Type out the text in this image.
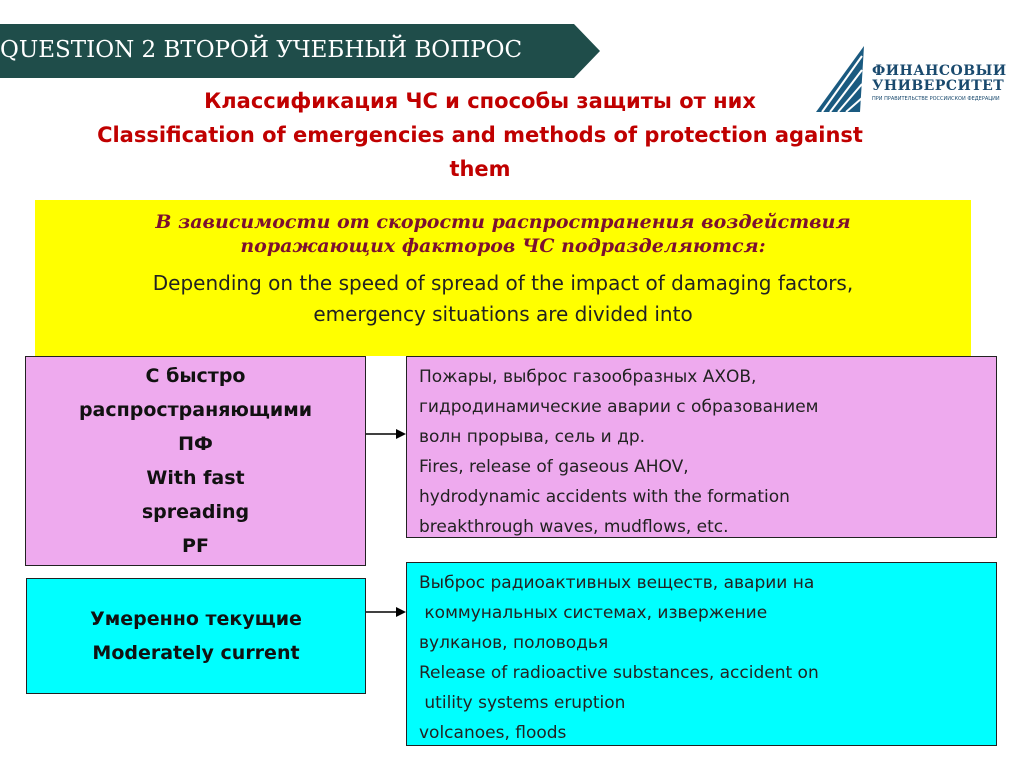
QUESTION 2 ВТОРОЙ УЧЕБНЫЙ ВОПРОС
ФИНАНСОВЫЙ
УНИВЕРСИТЕТ
ПРИ ПРАВИТЕЛЬСТВЕ РОССИЙСКОЙ ФЕДЕРАЦИИ
Классификация ЧС и способы защиты от них
Classification of emergencies and methods of protection against
them
В зависимости от скорости распространения воздействия
поражающих факторов ЧС подразделяются:
Depending on the speed of spread of the impact of damaging factors,
emergency situations are divided into
С быстро
распространяющими
ПФ
With fast
spreading
PF
Пожары, выброс газообразных АХОВ,
гидродинамические аварии с образованием
волн прорыва, сель и др.
Fires, release of gaseous AHOV,
hydrodynamic accidents with the formation
breakthrough waves, mudflows, etc.
Умеренно текущие
Moderately current
Выброс радиоактивных веществ, аварии на
коммунальных системах, извержение
вулканов, половодья
Release of radioactive substances, accident on
utility systems eruption
volcanoes, floods
